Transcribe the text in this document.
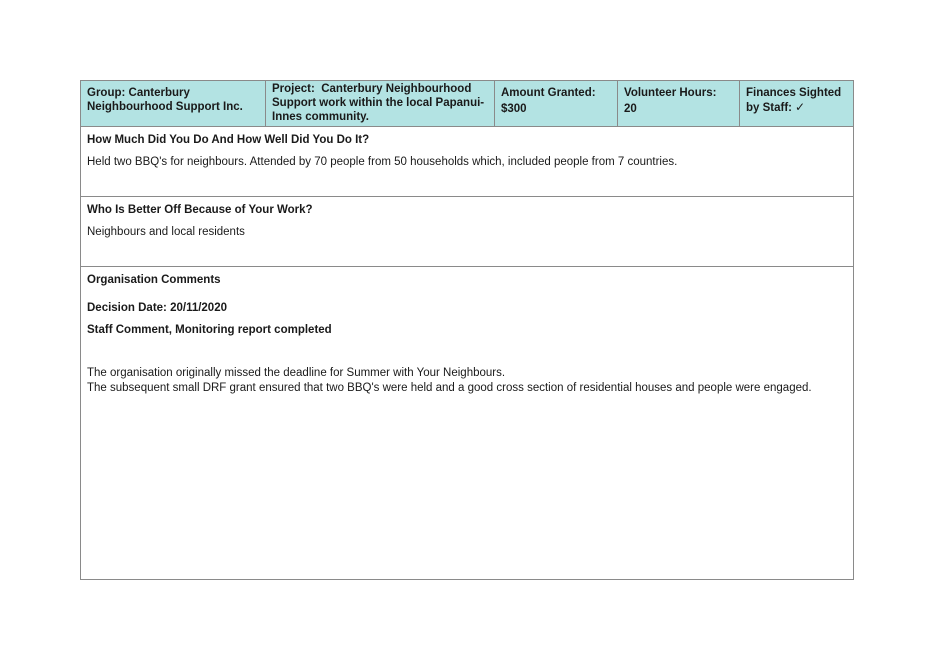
Group: Canterbury Neighbourhood Support Inc.
Project: Canterbury Neighbourhood Support work within the local Papanui-Innes community.
Amount Granted:
$300
Volunteer Hours:
20
Finances Sighted by Staff: ✓
How Much Did You Do And How Well Did You Do It?
Held two BBQ's for neighbours. Attended by 70 people from 50 households which, included people from 7 countries.
Who Is Better Off Because of Your Work?
Neighbours and local residents
Organisation Comments
Decision Date: 20/11/2020
Staff Comment, Monitoring report completed
The organisation originally missed the deadline for Summer with Your Neighbours.
The subsequent small DRF grant ensured that two BBQ's were held and a good cross section of residential houses and people were engaged.
